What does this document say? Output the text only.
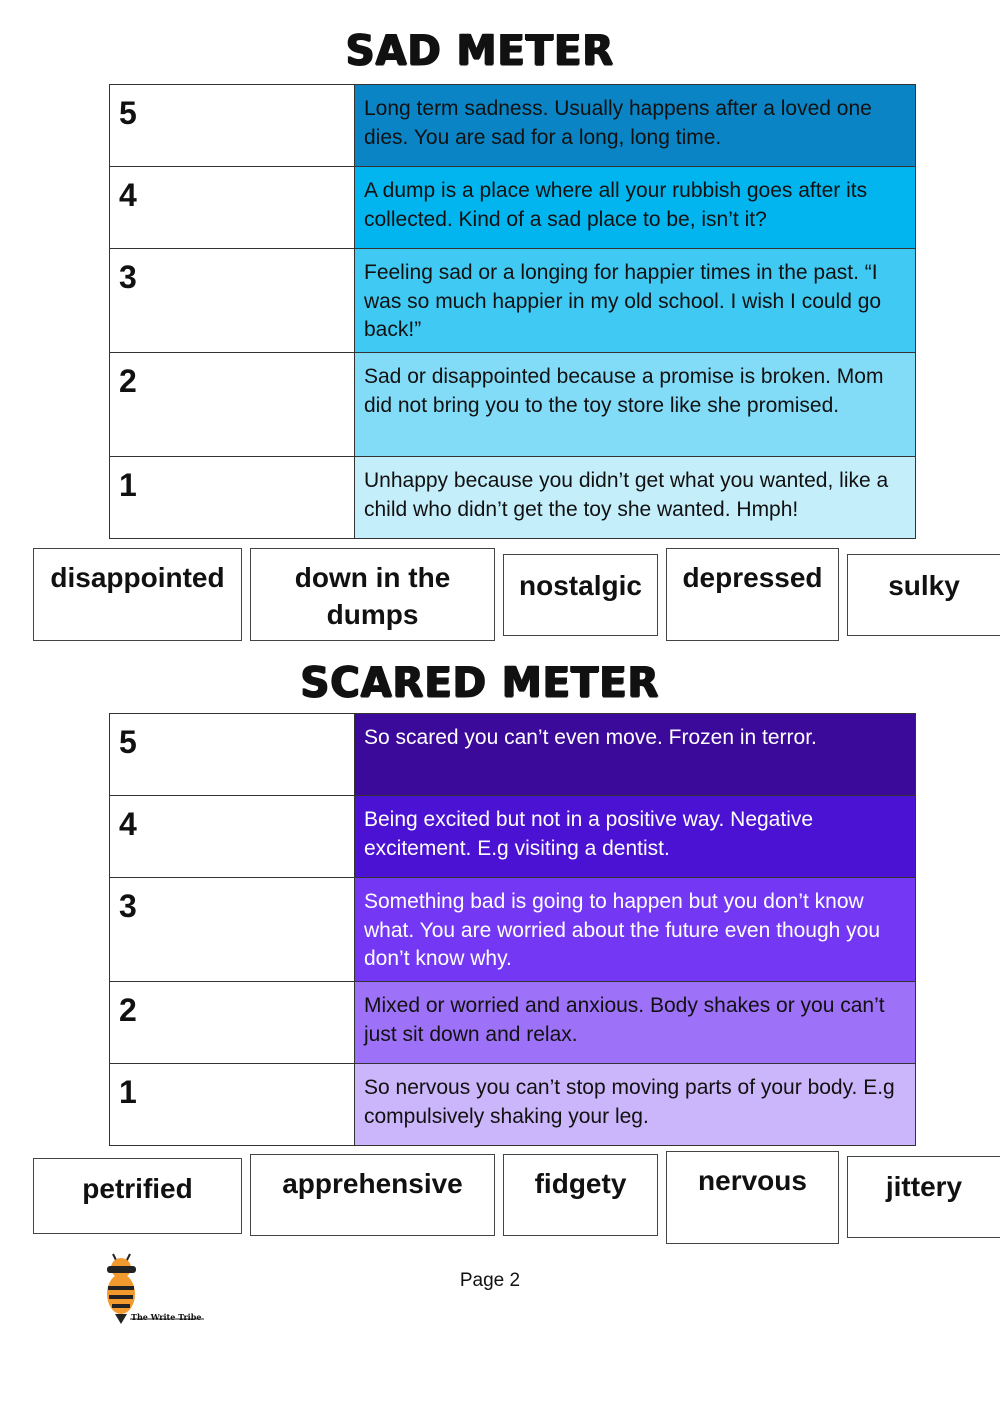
SAD METER
5	Long term sadness. Usually happens after a loved one dies. You are sad for a long, long time.
4	A dump is a place where all your rubbish goes after its collected. Kind of a sad place to be, isn’t it?
3	Feeling sad or a longing for happier times in the past. “I was so much happier in my old school. I wish I could go back!”
2	Sad or disappointed because a promise is broken. Mom did not bring you to the toy store like she promised.
1	Unhappy because you didn’t get what you wanted, like a child who didn’t get the toy she wanted. Hmph!
disappointed	down in the dumps
nostalgic	depressed	sulky
SCARED METER
5	So scared you can’t even move. Frozen in terror.
4	Being excited but not in a positive way. Negative excitement. E.g visiting a dentist.
3	Something bad is going to happen but you don’t know what. You are worried about the future even though you don’t know why.
2	Mixed or worried and anxious. Body shakes or you can’t just sit down and relax.
1	So nervous you can’t stop moving parts of your body. E.g compulsively shaking your leg.
petrified	apprehensive	fidgety	nervous	jittery
The Write Tribe
Page 2
